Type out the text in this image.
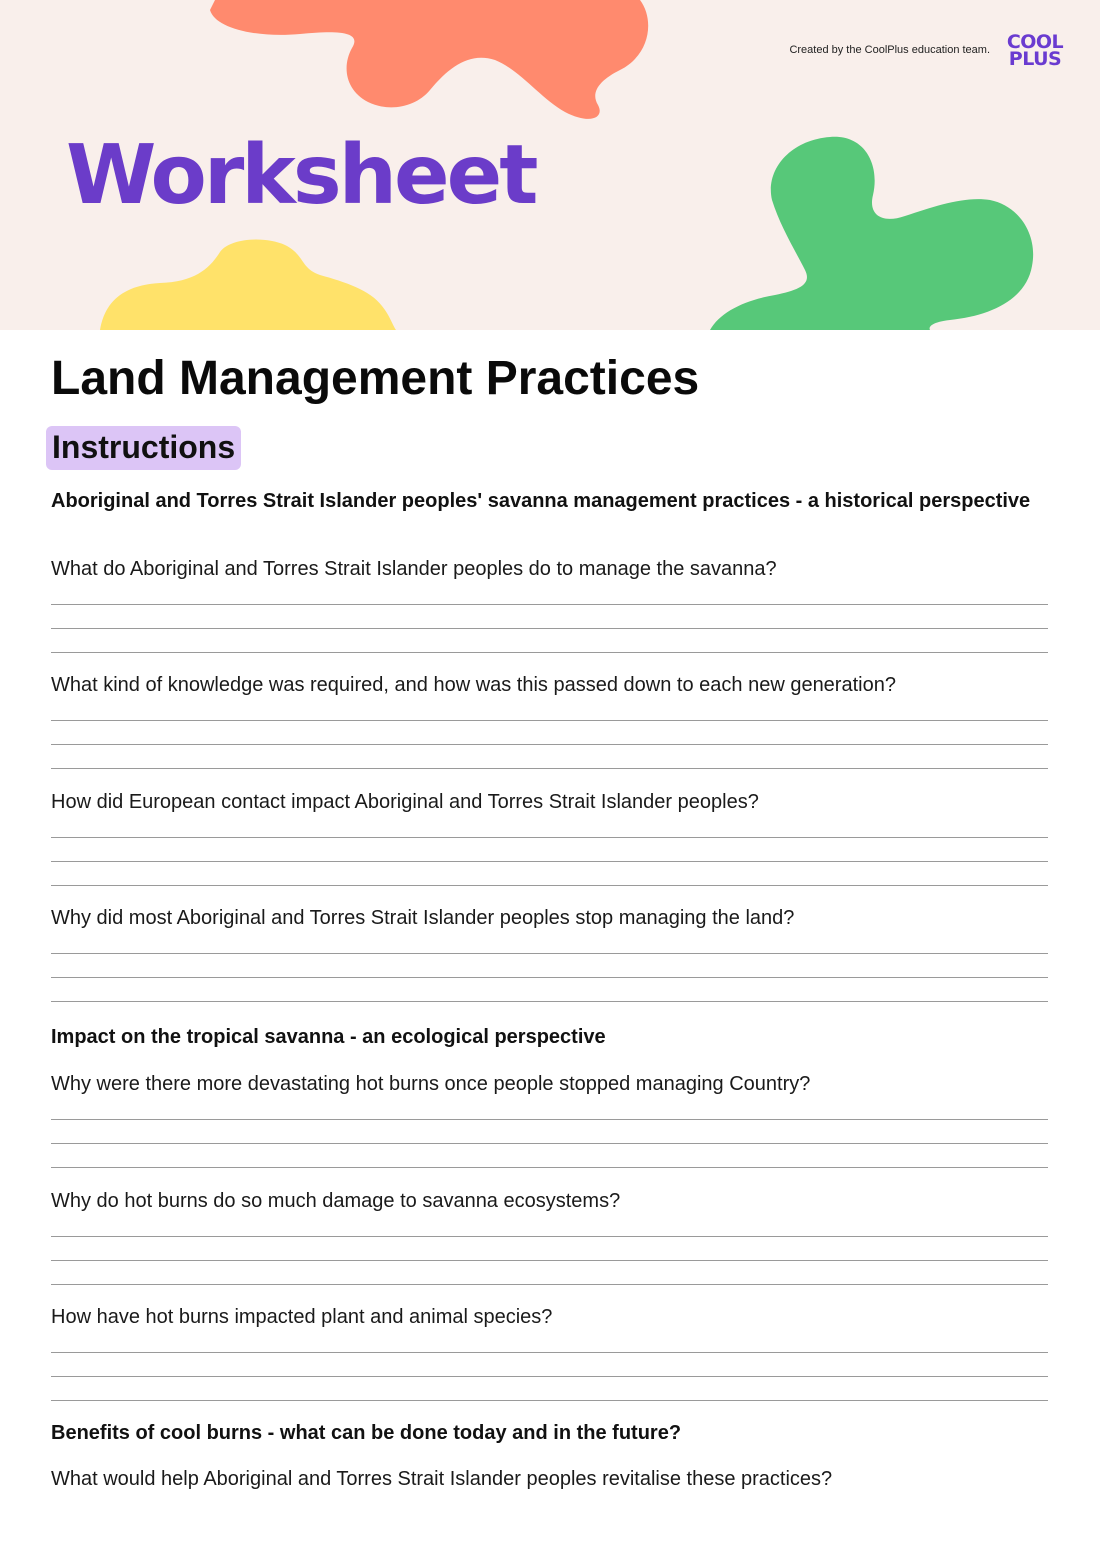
Created by the CoolPlus education team. COOL
PLUS
Worksheet
Land Management Practices
Instructions
Aboriginal and Torres Strait Islander peoples' savanna management practices - a historical perspective
What do Aboriginal and Torres Strait Islander peoples do to manage the savanna?
What kind of knowledge was required, and how was this passed down to each new generation?
How did European contact impact Aboriginal and Torres Strait Islander peoples?
Why did most Aboriginal and Torres Strait Islander peoples stop managing the land?
Impact on the tropical savanna - an ecological perspective
Why were there more devastating hot burns once people stopped managing Country?
Why do hot burns do so much damage to savanna ecosystems?
How have hot burns impacted plant and animal species?
Benefits of cool burns - what can be done today and in the future?
What would help Aboriginal and Torres Strait Islander peoples revitalise these practices?
